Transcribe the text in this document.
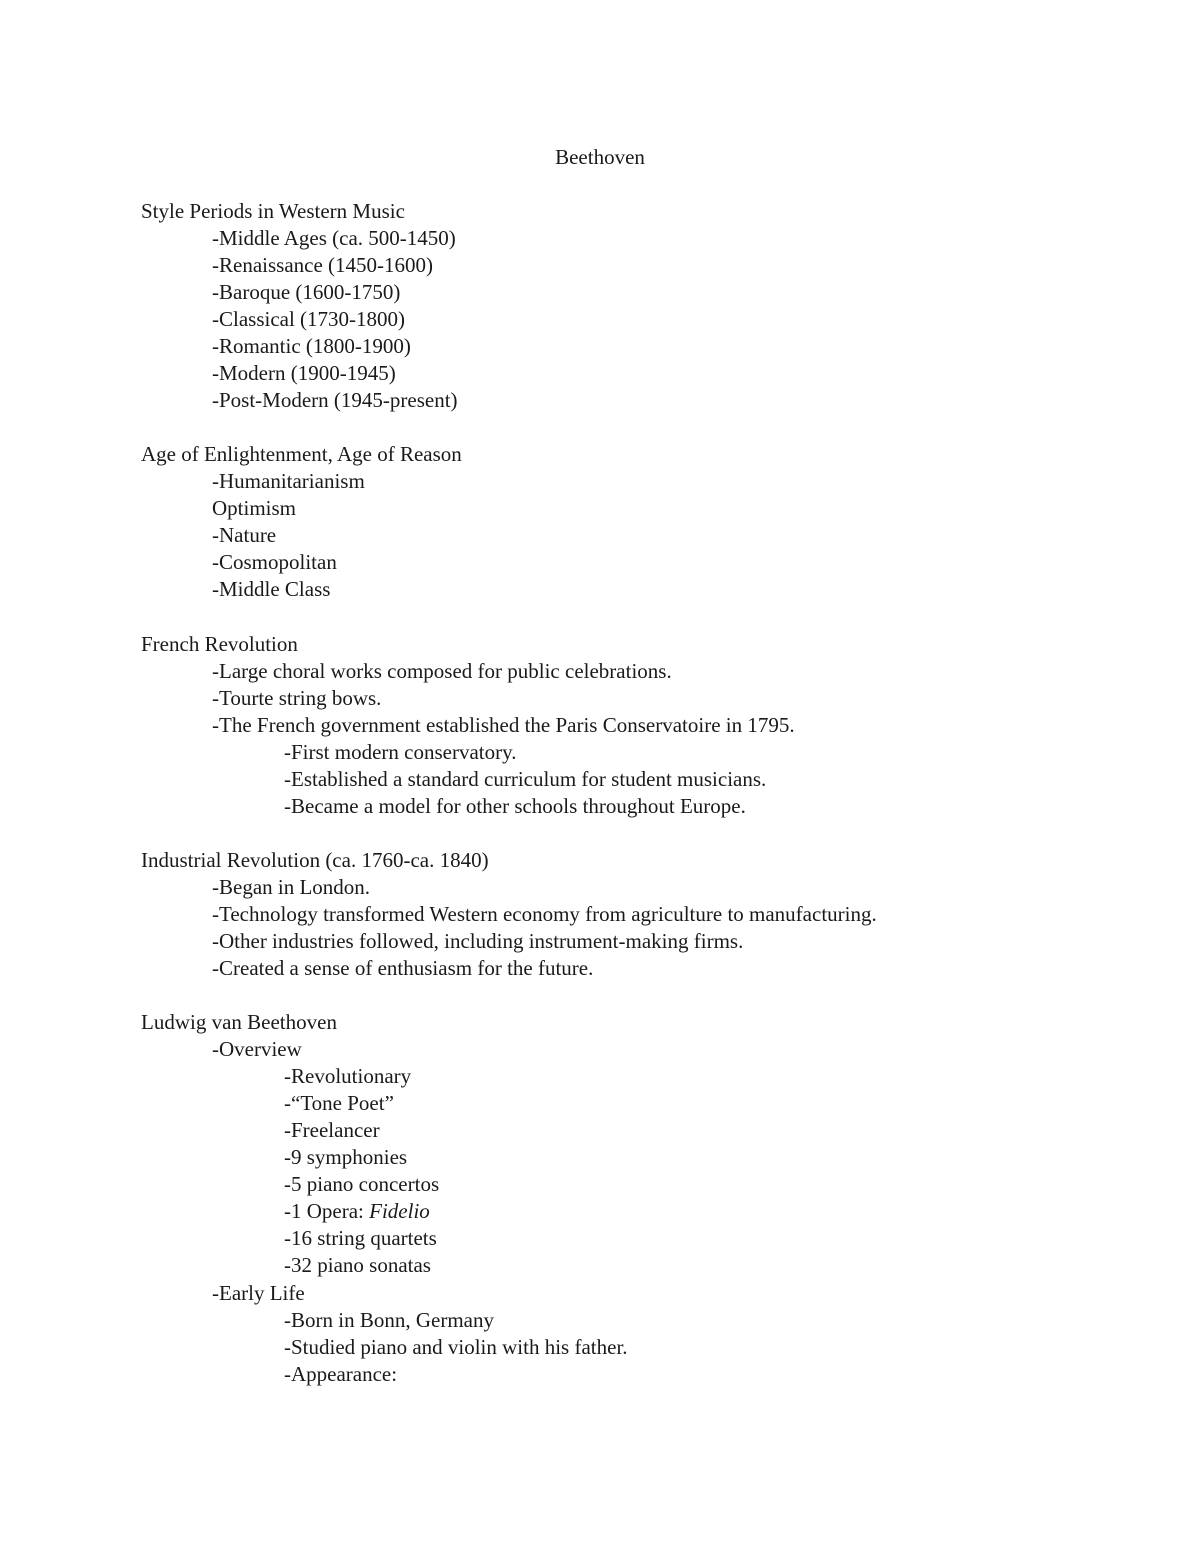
Beethoven
Style Periods in Western Music
-Middle Ages (ca. 500-1450)
-Renaissance (1450-1600)
-Baroque (1600-1750)
-Classical (1730-1800)
-Romantic (1800-1900)
-Modern (1900-1945)
-Post-Modern (1945-present)
Age of Enlightenment, Age of Reason
-Humanitarianism
Optimism
-Nature
-Cosmopolitan
-Middle Class
French Revolution
-Large choral works composed for public celebrations.
-Tourte string bows.
-The French government established the Paris Conservatoire in 1795.
-First modern conservatory.
-Established a standard curriculum for student musicians.
-Became a model for other schools throughout Europe.
Industrial Revolution (ca. 1760-ca. 1840)
-Began in London.
-Technology transformed Western economy from agriculture to manufacturing.
-Other industries followed, including instrument-making firms.
-Created a sense of enthusiasm for the future.
Ludwig van Beethoven
-Overview
-Revolutionary
-“Tone Poet”
-Freelancer
-9 symphonies
-5 piano concertos
-1 Opera: Fidelio
-16 string quartets
-32 piano sonatas
-Early Life
-Born in Bonn, Germany
-Studied piano and violin with his father.
-Appearance:
